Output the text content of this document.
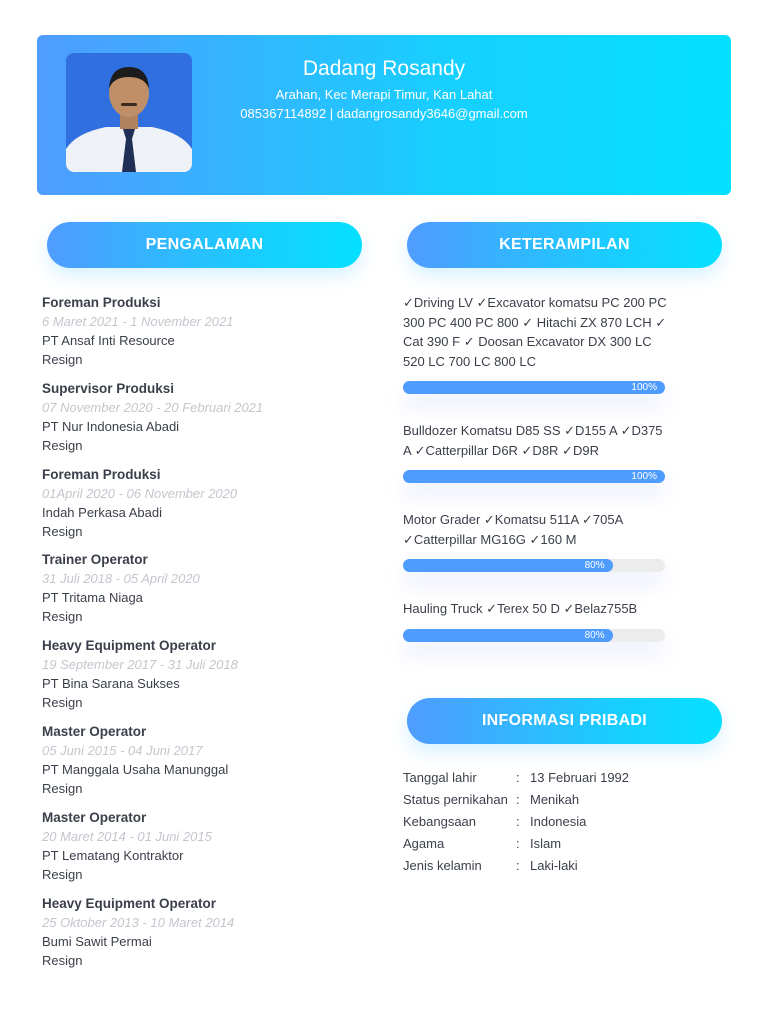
Dadang Rosandy
Arahan, Kec Merapi Timur, Kan Lahat
085367114892 | dadangrosandy3646@gmail.com
PENGALAMAN	KETERAMPILAN
INFORMASI PRIBADI
Foreman Produksi
6 Maret 2021 - 1 November 2021
PT Ansaf Inti Resource
Resign
Supervisor Produksi
07 November 2020 - 20 Februari 2021
PT Nur Indonesia Abadi
Resign
Foreman Produksi
01April 2020 - 06 November 2020
Indah Perkasa Abadi
Resign
Trainer Operator
31 Juli 2018 - 05 April 2020
PT Tritama Niaga
Resign
Heavy Equipment Operator
19 September 2017 - 31 Juli 2018
PT Bina Sarana Sukses
Resign
Master Operator
05 Juni 2015 - 04 Juni 2017
PT Manggala Usaha Manunggal
Resign
Master Operator
20 Maret 2014 - 01 Juni 2015
PT Lematang Kontraktor
Resign
Heavy Equipment Operator
25 Oktober 2013 - 10 Maret 2014
Bumi Sawit Permai
Resign
✓Driving LV ✓Excavator komatsu PC 200 PC 300 PC 400 PC 800 ✓ Hitachi ZX 870 LCH ✓ Cat 390 F ✓ Doosan Excavator DX 300 LC 520 LC 700 LC 800 LC
100%
Bulldozer Komatsu D85 SS ✓D155 A ✓D375 A ✓Catterpillar D6R ✓D8R ✓D9R
100%
Motor Grader ✓Komatsu 511A ✓705A ✓Catterpillar MG16G ✓160 M
80%
Hauling Truck ✓Terex 50 D ✓Belaz755B
80%
Tanggal lahir	: 13 Februari 1992
Status pernikahan : Menikah
Kebangsaan	: Indonesia
Agama	: Islam
Jenis kelamin	: Laki-laki
